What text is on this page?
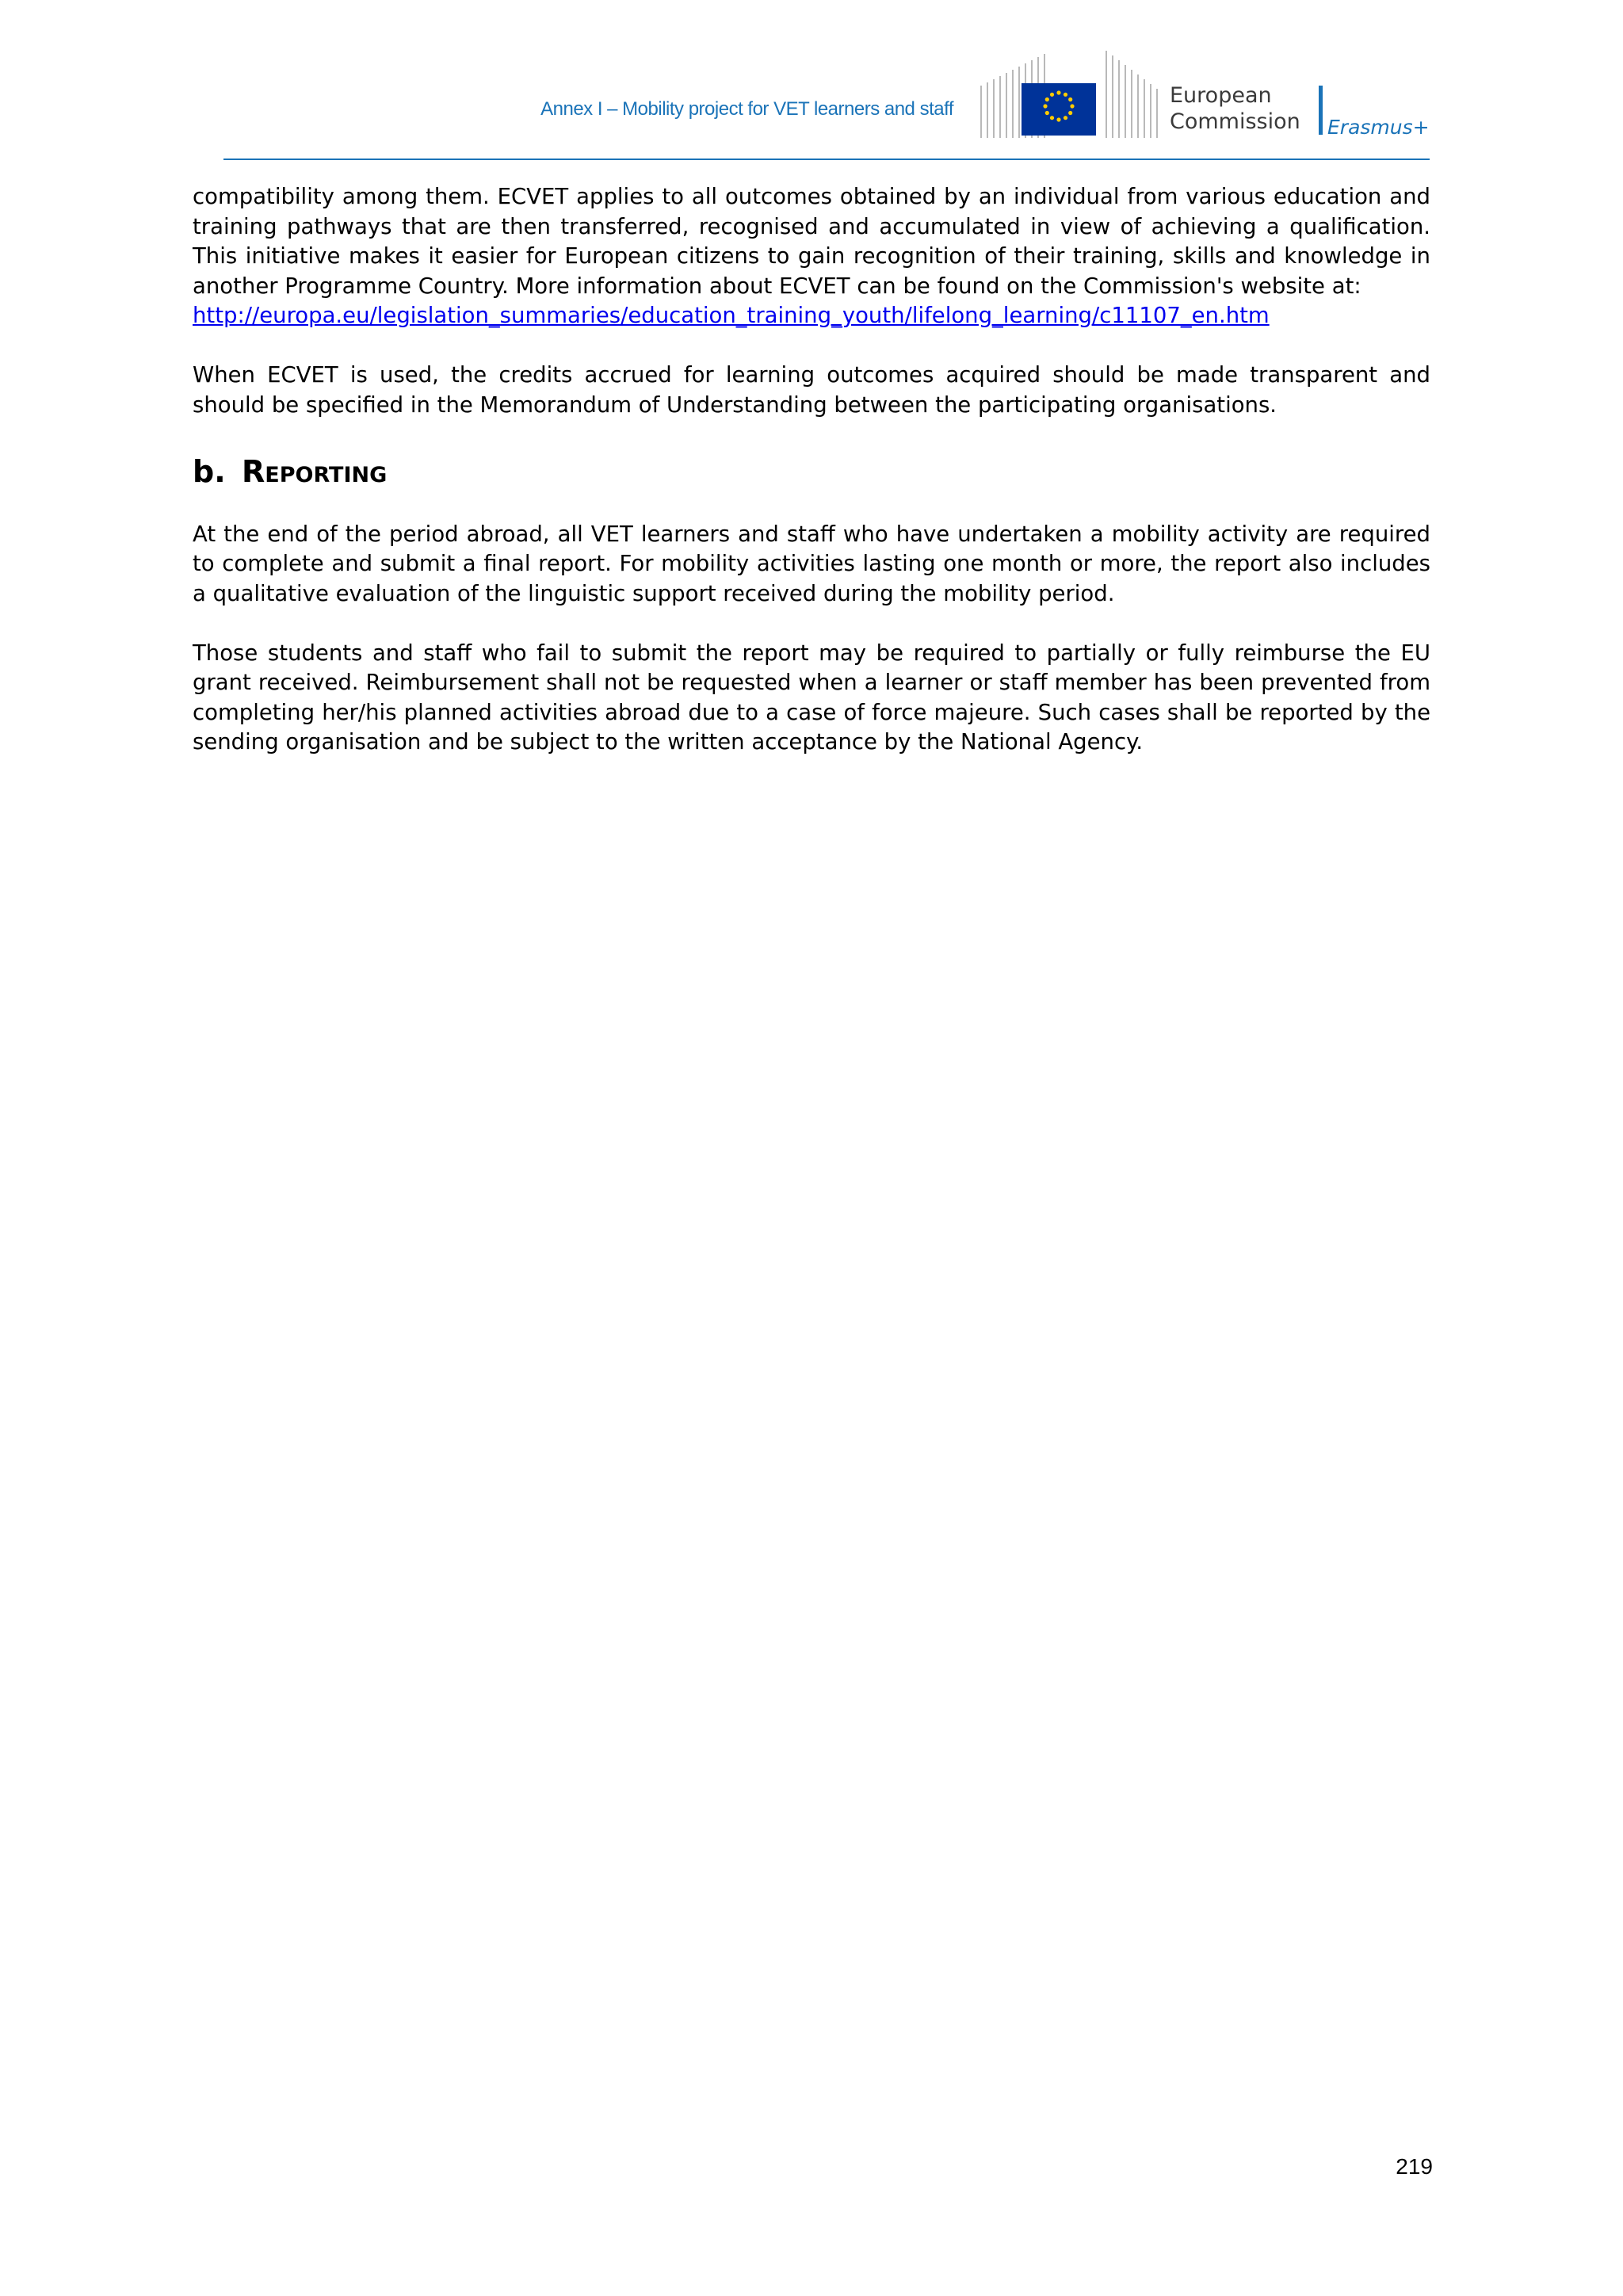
Annex I – Mobility project for VET learners and staff
European
Commission Erasmus+

compatibility among them. ECVET applies to all outcomes obtained by an individual from various education and training pathways that are then transferred, recognised and accumulated in view of achieving a qualification. This initiative makes it easier for European citizens to gain recognition of their training, skills and knowledge in another Programme Country. More information about ECVET can be found on the Commission's website at:
http://europa.eu/legislation_summaries/education_training_youth/lifelong_learning/c11107_en.htm

When ECVET is used, the credits accrued for learning outcomes acquired should be made transparent and should be specified in the Memorandum of Understanding between the participating organisations.

b. Reporting

At the end of the period abroad, all VET learners and staff who have undertaken a mobility activity are required to complete and submit a final report. For mobility activities lasting one month or more, the report also includes a qualitative evaluation of the linguistic support received during the mobility period.

Those students and staff who fail to submit the report may be required to partially or fully reimburse the EU grant received. Reimbursement shall not be requested when a learner or staff member has been prevented from completing her/his planned activities abroad due to a case of force majeure. Such cases shall be reported by the sending organisation and be subject to the written acceptance by the National Agency.

219
